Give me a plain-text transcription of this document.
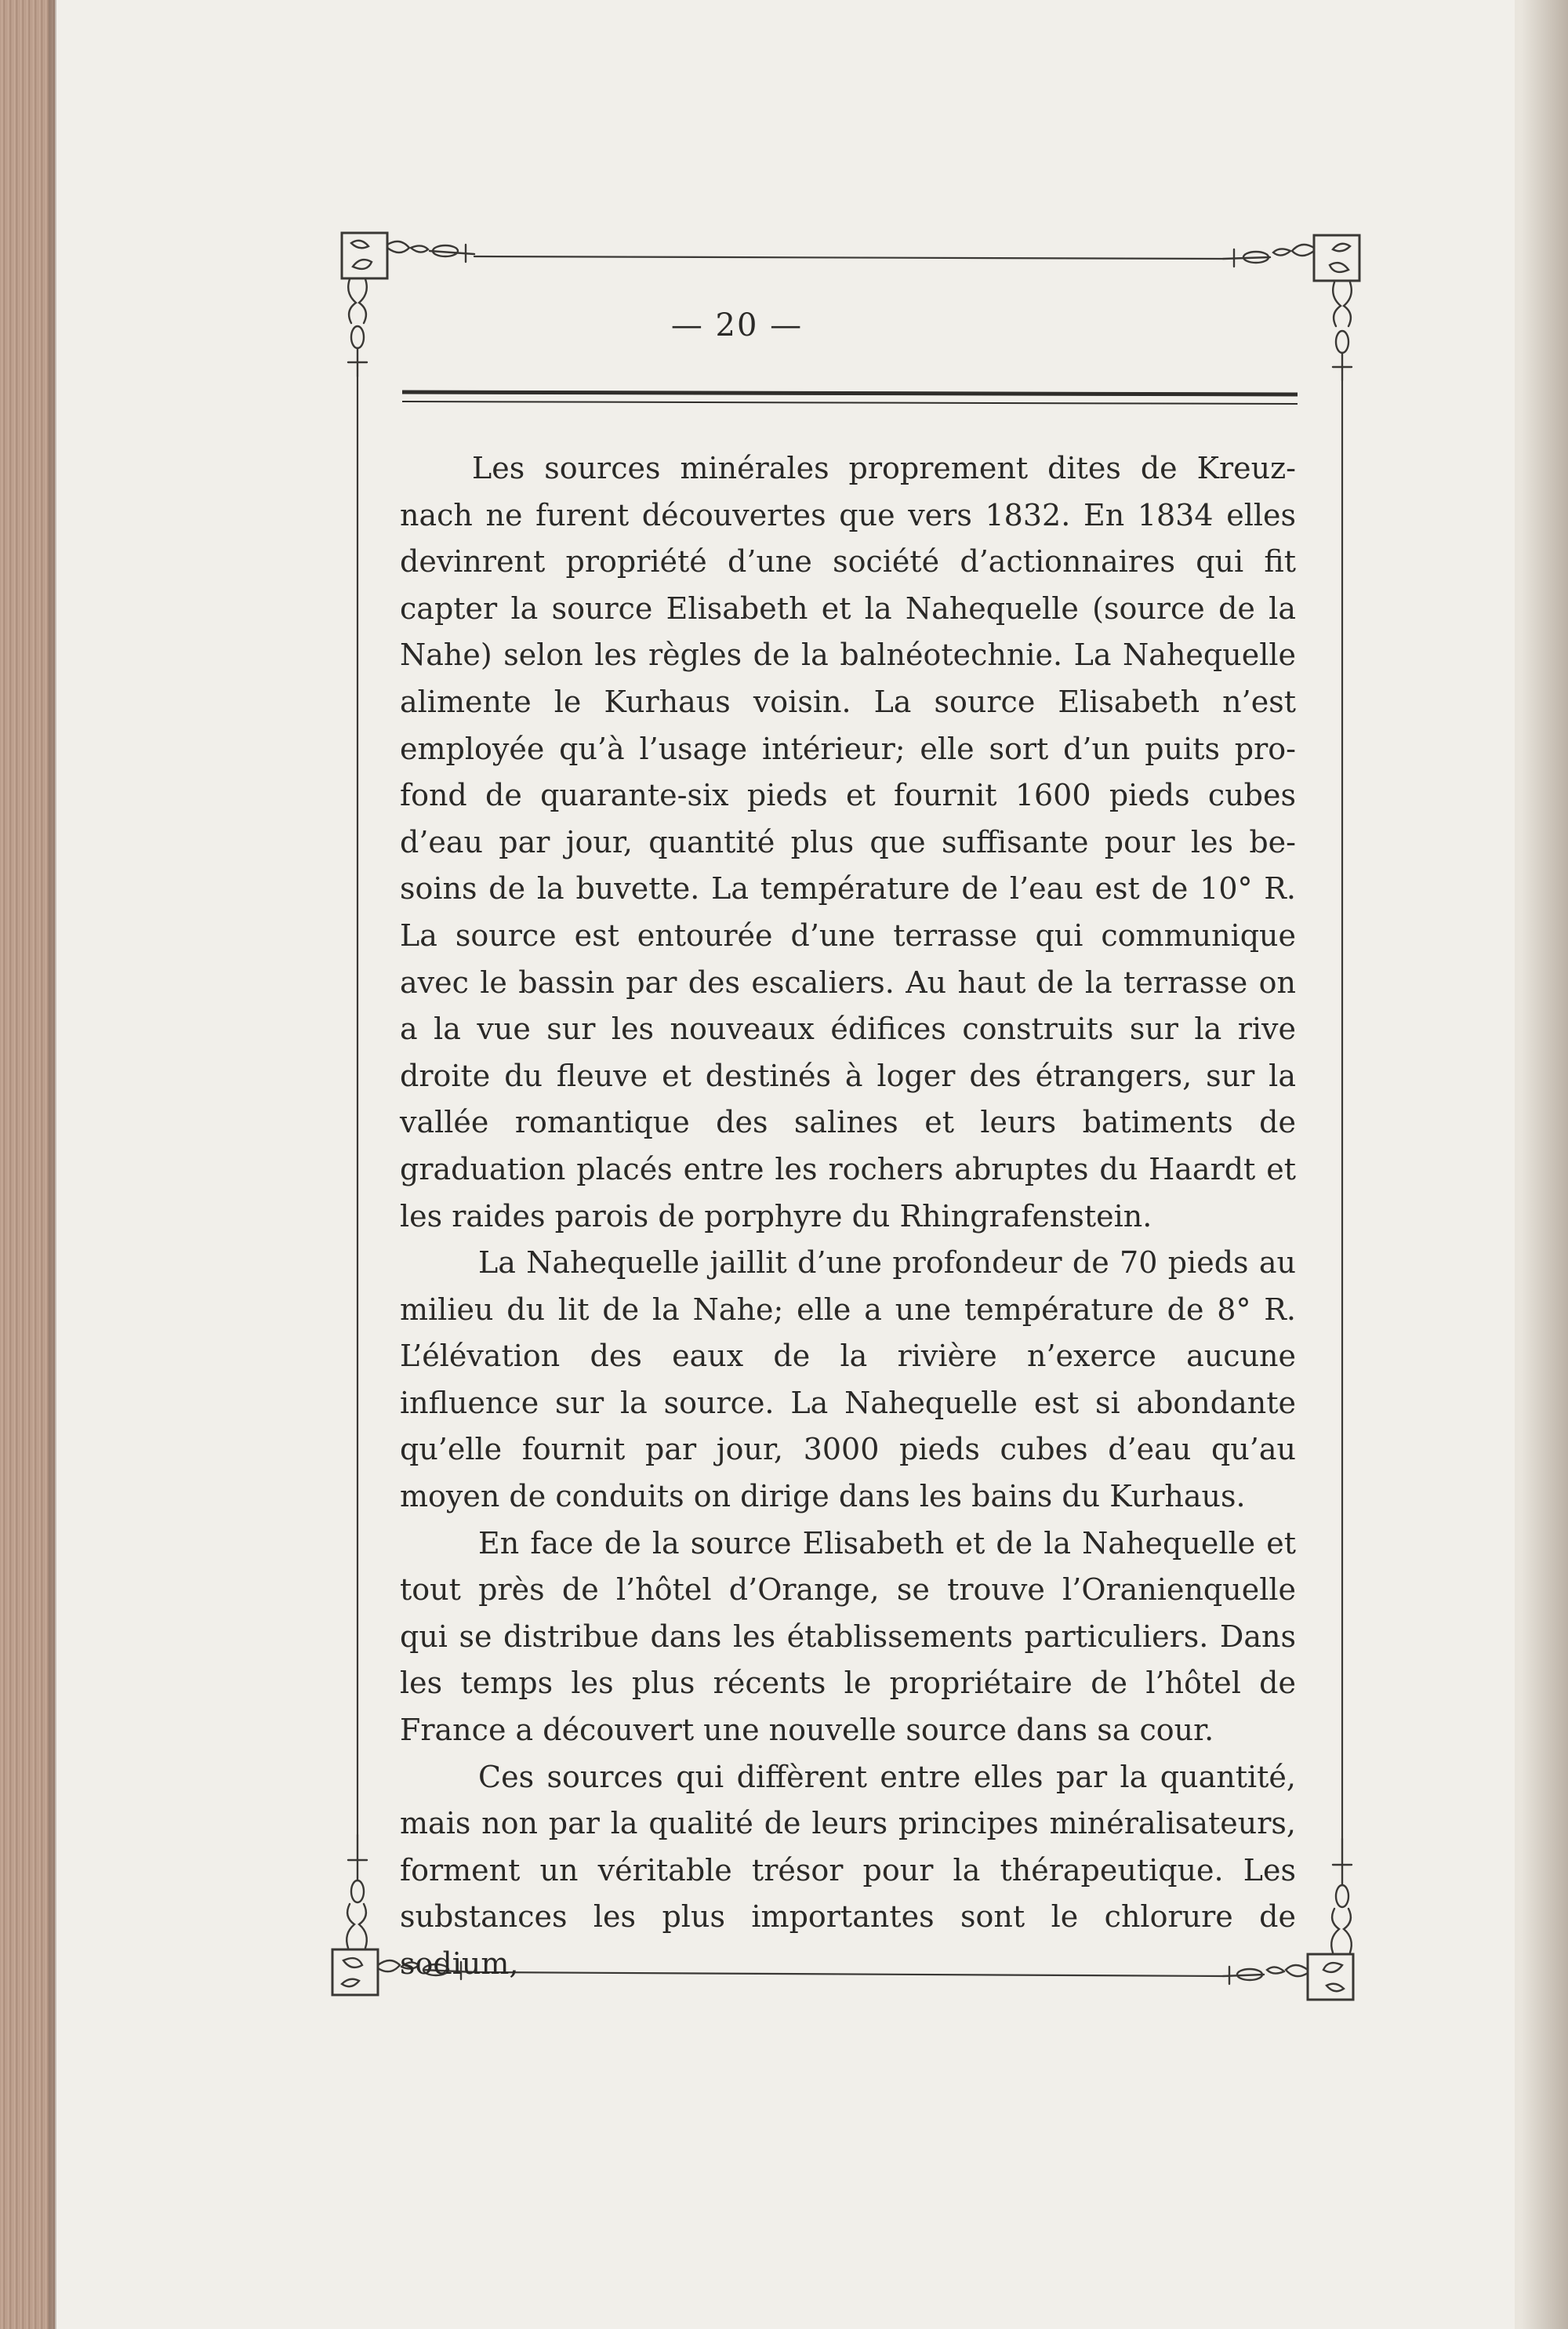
— 20 —

Les sources minérales proprement dites de Kreuznach ne furent découvertes que vers 1832. En 1834 elles devinrent propriété d’une société d’actionnaires qui fit capter la source Elisabeth et la Nahequelle (source de la Nahe) selon les règles de la balnéotechnie. La Nahequelle alimente le Kurhaus voisin. La source Elisabeth n’est employée qu’à l’usage intérieur; elle sort d’un puits profond de quarante-six pieds et fournit 1600 pieds cubes d’eau par jour, quantité plus que suffisante pour les besoins de la buvette. La température de l’eau est de 10° R. La source est entourée d’une terrasse qui communique avec le bassin par des escaliers. Au haut de la terrasse on a la vue sur les nouveaux édifices construits sur la rive droite du fleuve et destinés à loger des étrangers, sur la vallée romantique des salines et leurs batiments de graduation placés entre les rochers abruptes du Haardt et les raides parois de porphyre du Rhingrafenstein.

La Nahequelle jaillit d’une profondeur de 70 pieds au milieu du lit de la Nahe; elle a une température de 8° R. L’élévation des eaux de la rivière n’exerce aucune influence sur la source. La Nahequelle est si abondante qu’elle fournit par jour, 3000 pieds cubes d’eau qu’au moyen de conduits on dirige dans les bains du Kurhaus.

En face de la source Elisabeth et de la Nahequelle et tout près de l’hôtel d’Orange, se trouve l’Oranienquelle qui se distribue dans les établissements particuliers. Dans les temps les plus récents le propriétaire de l’hôtel de France a découvert une nouvelle source dans sa cour.

Ces sources qui diffèrent entre elles par la quantité, mais non par la qualité de leurs principes minéralisateurs, forment un véritable trésor pour la thérapeutique. Les substances les plus importantes sont le chlorure de sodium,
